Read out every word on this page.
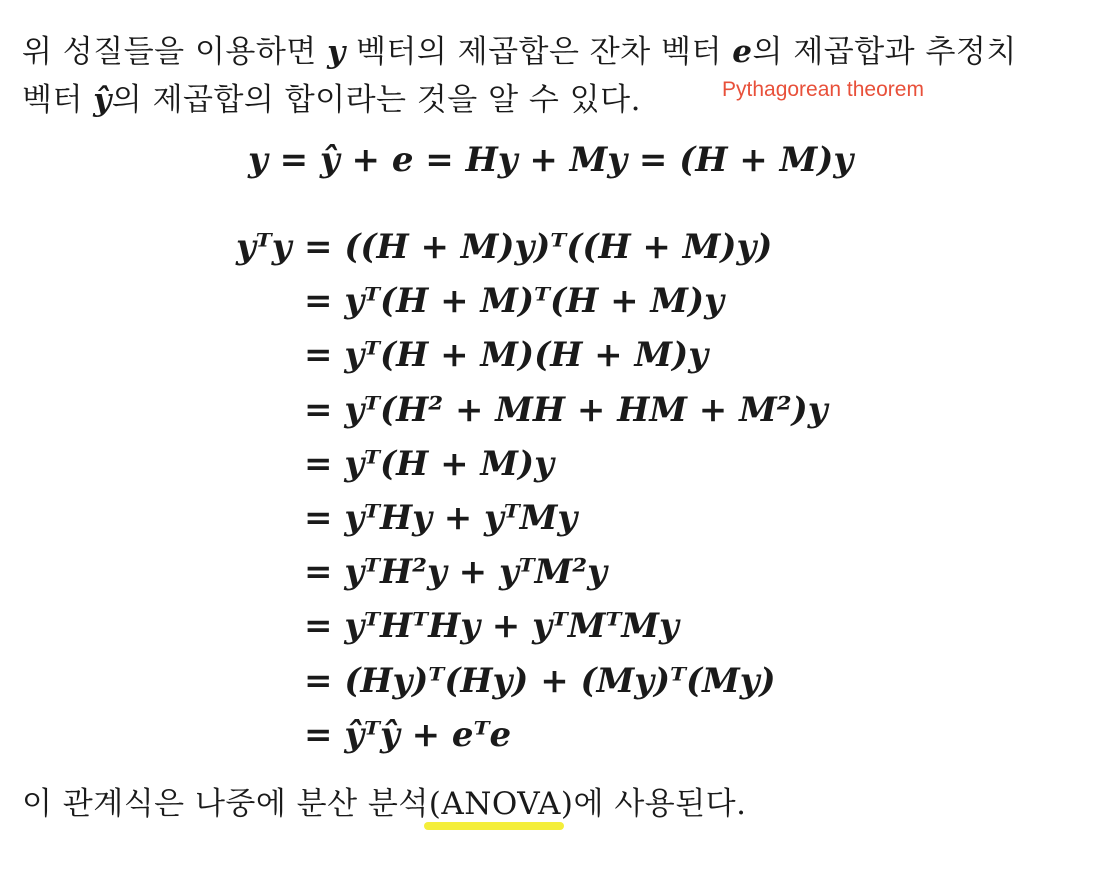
위 성질들을 이용하면 y 벡터의 제곱합은 잔차 벡터 e의 제곱합과 추정치
벡터 ŷ의 제곱합의 합이라는 것을 알 수 있다.	Pythagorean theorem
y = ŷ + e = Hy + My = (H + M)y
yᵀy = ((H + M)y)ᵀ((H + M)y)
= yᵀ(H + M)ᵀ(H + M)y
= yᵀ(H + M)(H + M)y
= yᵀ(H² + MH + HM + M²)y
= yᵀ(H + M)y
= yᵀHy + yᵀMy
= yᵀH²y + yᵀM²y
= yᵀHᵀHy + yᵀMᵀMy
= (Hy)ᵀ(Hy) + (My)ᵀ(My)
= ŷᵀŷ + eᵀe
이 관계식은 나중에 분산 분석(ANOVA)에 사용된다.
